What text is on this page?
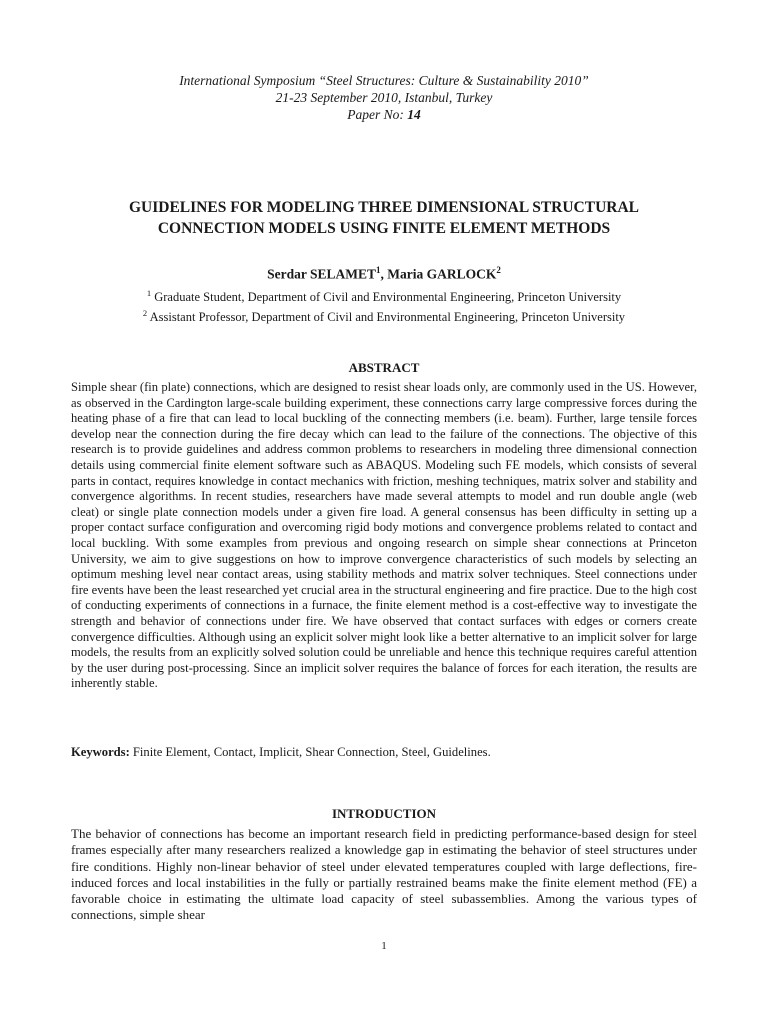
International Symposium “Steel Structures: Culture & Sustainability 2010”
21-23 September 2010, Istanbul, Turkey
Paper No: 14
GUIDELINES FOR MODELING THREE DIMENSIONAL STRUCTURAL
CONNECTION MODELS USING FINITE ELEMENT METHODS
Serdar SELAMET$^1$, Maria GARLOCK$^2$
$^1$ Graduate Student, Department of Civil and Environmental Engineering, Princeton University
$^2$ Assistant Professor, Department of Civil and Environmental Engineering, Princeton University
ABSTRACT
Simple shear (fin plate) connections, which are designed to resist shear loads only, are commonly used in the US. However, as observed in the Cardington large-scale building experiment, these connections carry large compressive forces during the heating phase of a fire that can lead to local buckling of the connecting members (i.e. beam). Further, large tensile forces develop near the connection during the fire decay which can lead to the failure of the connections. The objective of this research is to provide guidelines and address common problems to researchers in modeling three dimensional connection details using commercial finite element software such as ABAQUS. Modeling such FE models, which consists of several parts in contact, requires knowledge in contact mechanics with friction, meshing techniques, matrix solver and stability and convergence algorithms. In recent studies, researchers have made several attempts to model and run double angle (web cleat) or single plate connection models under a given fire load. A general consensus has been difficulty in setting up a proper contact surface configuration and overcoming rigid body motions and convergence problems related to contact and local buckling. With some examples from previous and ongoing research on simple shear connections at Princeton University, we aim to give suggestions on how to improve convergence characteristics of such models by selecting an optimum meshing level near contact areas, using stability methods and matrix solver techniques. Steel connections under fire events have been the least researched yet crucial area in the structural engineering and fire practice. Due to the high cost of conducting experiments of connections in a furnace, the finite element method is a cost-effective way to investigate the strength and behavior of connections under fire. We have observed that contact surfaces with edges or corners create convergence difficulties. Although using an explicit solver might look like a better alternative to an implicit solver for large models, the results from an explicitly solved solution could be unreliable and hence this technique requires careful attention by the user during post-processing. Since an implicit solver requires the balance of forces for each iteration, the results are inherently stable.
Keywords: Finite Element, Contact, Implicit, Shear Connection, Steel, Guidelines.
INTRODUCTION
The behavior of connections has become an important research field in predicting performance-based design for steel frames especially after many researchers realized a knowledge gap in estimating the behavior of steel structures under fire conditions. Highly non-linear behavior of steel under elevated temperatures coupled with large deflections, fire-induced forces and local instabilities in the fully or partially restrained beams make the finite element method (FE) a favorable choice in estimating the ultimate load capacity of steel subassemblies. Among the various types of connections, simple shear
1
